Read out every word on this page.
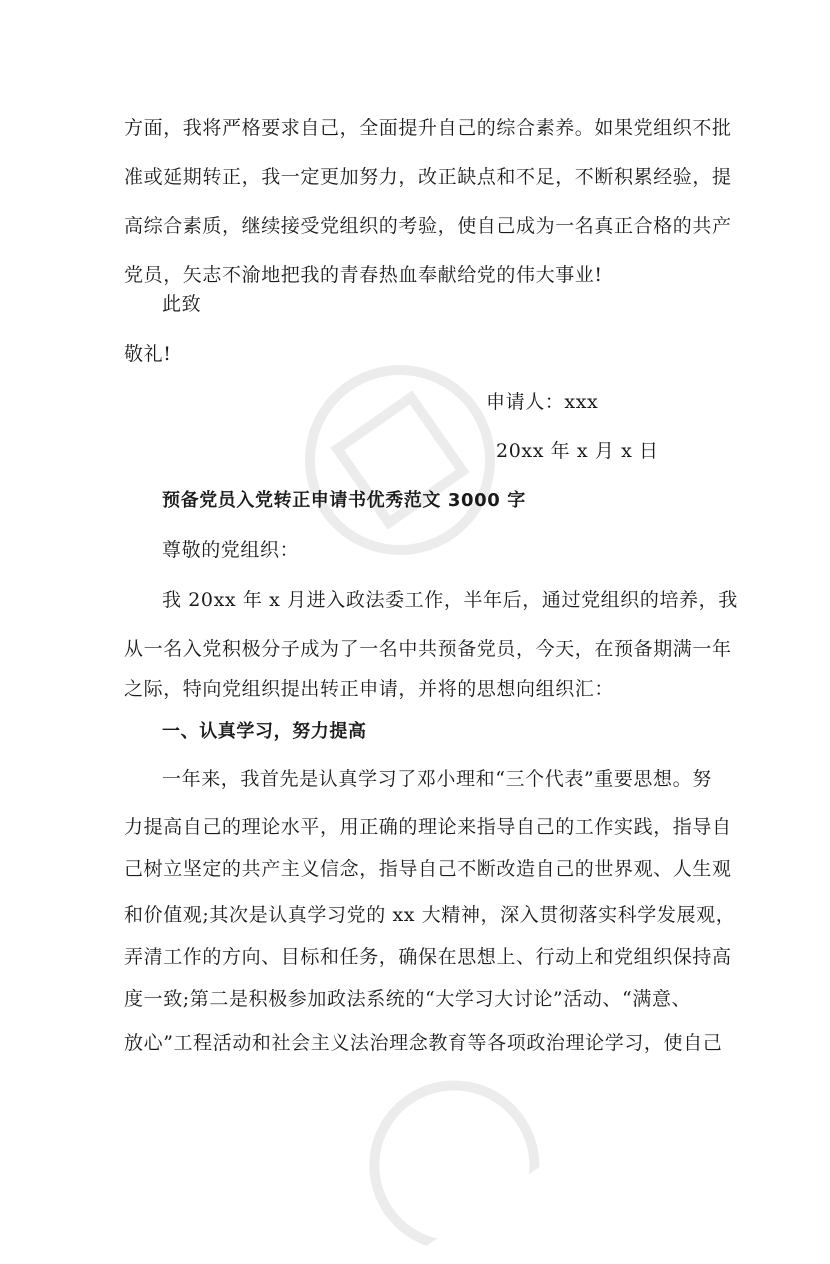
方面，我将严格要求自己，全面提升自己的综合素养。如果党组织不批
准或延期转正，我一定更加努力，改正缺点和不足，不断积累经验，提
高综合素质，继续接受党组织的考验，使自己成为一名真正合格的共产
党员，矢志不渝地把我的青春热血奉献给党的伟大事业!
此致
敬礼!
申请人：xxx
20xx 年 x 月 x 日
预备党员入党转正申请书优秀范文 3000 字
尊敬的党组织：
我 20xx 年 x 月进入政法委工作，半年后，通过党组织的培养，我
从一名入党积极分子成为了一名中共预备党员，今天，在预备期满一年
之际，特向党组织提出转正申请，并将的思想向组织汇：
一、认真学习，努力提高
一年来，我首先是认真学习了邓小理和“三个代表”重要思想。努
力提高自己的理论水平，用正确的理论来指导自己的工作实践，指导自
己树立坚定的共产主义信念，指导自己不断改造自己的世界观、人生观
和价值观;其次是认真学习党的 xx 大精神，深入贯彻落实科学发展观，
弄清工作的方向、目标和任务，确保在思想上、行动上和党组织保持高
度一致;第二是积极参加政法系统的“大学习大讨论”活动、“满意、
放心”工程活动和社会主义法治理念教育等各项政治理论学习，使自己
